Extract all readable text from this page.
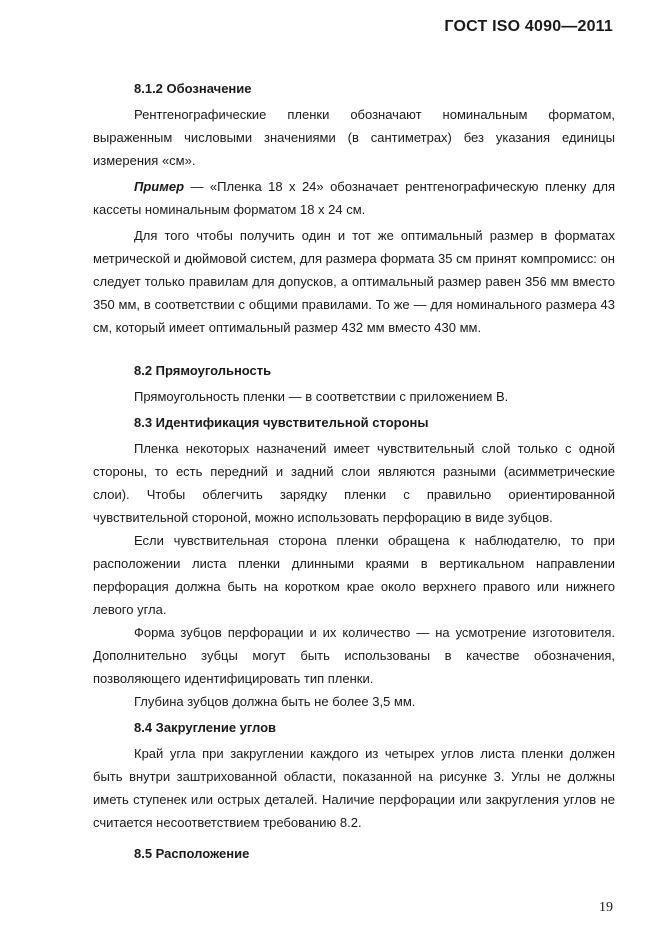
ГОСТ ISO 4090—2011

8.1.2 Обозначение

Рентгенографические пленки обозначают номинальным форматом, выраженным числовыми значениями (в сантиметрах) без указания единицы измерения «см».

Пример — «Пленка 18 х 24» обозначает рентгенографическую пленку для кассеты номинальным форматом 18 х 24 см.

Для того чтобы получить один и тот же оптимальный размер в форматах метрической и дюймовой систем, для размера формата 35 см принят компромисс: он следует только правилам для допусков, а оптимальный размер равен 356 мм вместо 350 мм, в соответствии с общими правилами. То же — для номинального размера 43 см, который имеет оптимальный размер 432 мм вместо 430 мм.

8.2 Прямоугольность

Прямоугольность пленки — в соответствии с приложением В.

8.3 Идентификация чувствительной стороны

Пленка некоторых назначений имеет чувствительный слой только с одной стороны, то есть передний и задний слои являются разными (асимметрические слои). Чтобы облегчить зарядку пленки с правильно ориентированной чувствительной стороной, можно использовать перфорацию в виде зубцов.

Если чувствительная сторона пленки обращена к наблюдателю, то при расположении листа пленки длинными краями в вертикальном направлении перфорация должна быть на коротком крае около верхнего правого или нижнего левого угла.

Форма зубцов перфорации и их количество — на усмотрение изготовителя. Дополнительно зубцы могут быть использованы в качестве обозначения, позволяющего идентифицировать тип пленки.

Глубина зубцов должна быть не более 3,5 мм.

8.4 Закругление углов

Край угла при закруглении каждого из четырех углов листа пленки должен быть внутри заштрихованной области, показанной на рисунке 3. Углы не должны иметь ступенек или острых деталей. Наличие перфорации или закругления углов не считается несоответствием требованию 8.2.

8.5 Расположение

19
